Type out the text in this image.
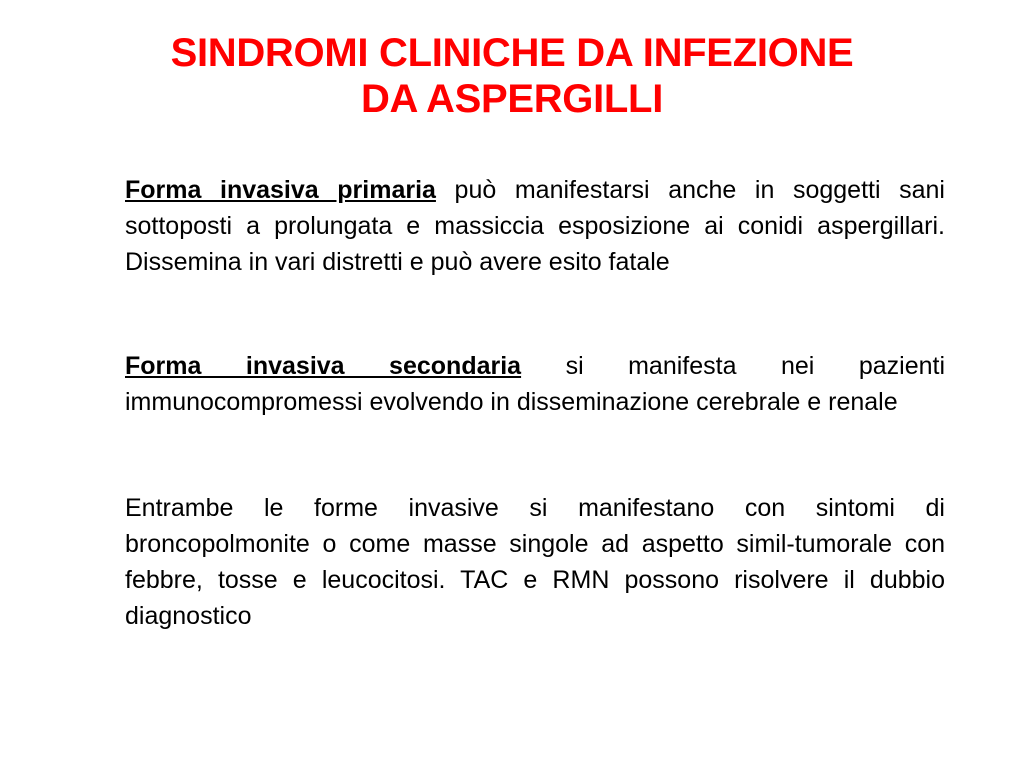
SINDROMI CLINICHE DA INFEZIONE
DA ASPERGILLI

Forma invasiva primaria può manifestarsi anche in soggetti sani sottoposti a prolungata e massiccia esposizione ai conidi aspergillari. Dissemina in vari distretti e può avere esito fatale

Forma invasiva secondaria si manifesta nei pazienti immunocompromessi evolvendo in disseminazione cerebrale e renale

Entrambe le forme invasive si manifestano con sintomi di broncopolmonite o come masse singole ad aspetto simil-tumorale con febbre, tosse e leucocitosi. TAC e RMN possono risolvere il dubbio diagnostico
